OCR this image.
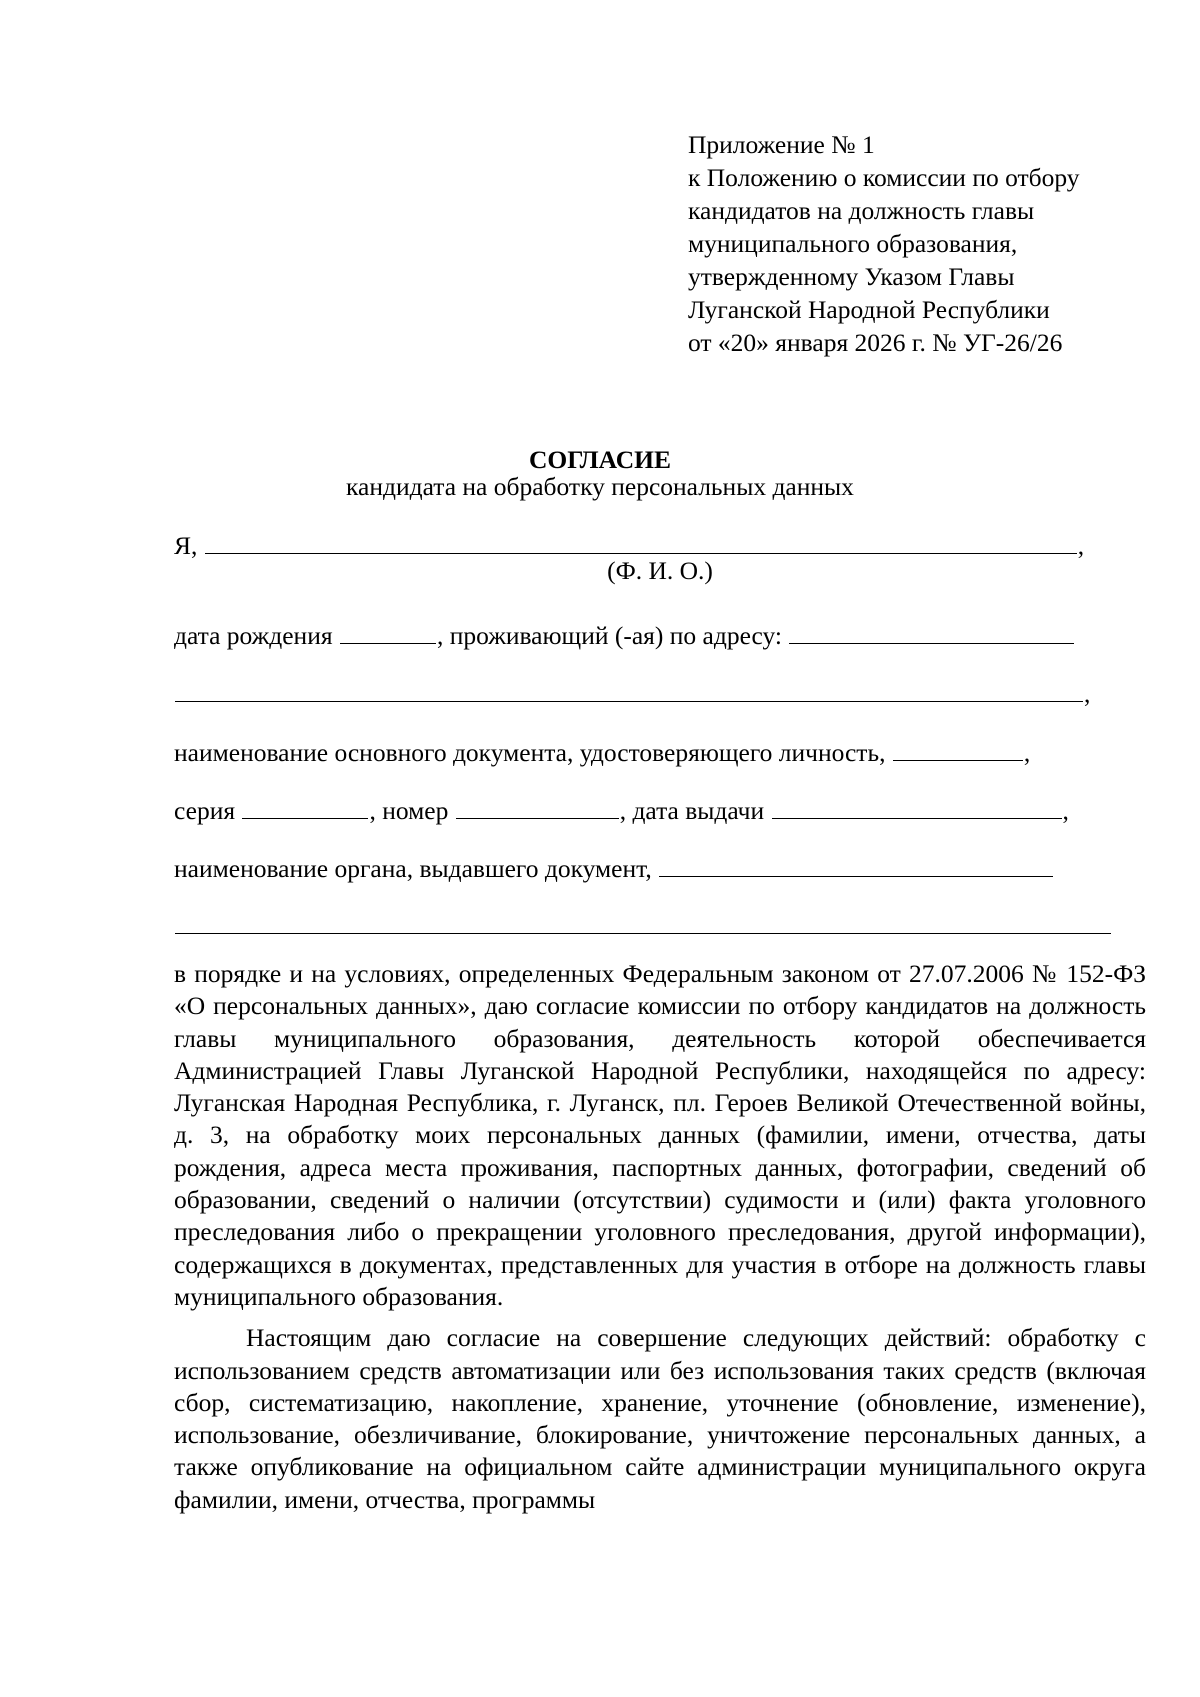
Приложение № 1
к Положению о комиссии по отбору
кандидатов на должность главы
муниципального образования,
утвержденному Указом Главы
Луганской Народной Республики
от «20» января 2026 г. № УГ-26/26
СОГЛАСИЕ
кандидата на обработку персональных данных
Я,	,
(Ф. И. О.)
дата рождения	, проживающий (-ая) по адресу:
,
наименование основного документа, удостоверяющего личность,	,
серия	, номер	, дата выдачи	,
наименование органа, выдавшего документ,

в порядке и на условиях, определенных Федеральным законом от 27.07.2006 № 152-ФЗ «О персональных данных», даю согласие комиссии по отбору кандидатов на должность главы муниципального образования, деятельность которой обеспечивается Администрацией Главы Луганской Народной Республики, находящейся по адресу: Луганская Народная Республика, г. Луганск, пл. Героев Великой Отечественной войны, д. 3, на обработку моих персональных данных (фамилии, имени, отчества, даты рождения, адреса места проживания, паспортных данных, фотографии, сведений об образовании, сведений о наличии (отсутствии) судимости и (или) факта уголовного преследования либо о прекращении уголовного преследования, другой информации), содержащихся в документах, представленных для участия в отборе на должность главы муниципального образования.

Настоящим даю согласие на совершение следующих действий: обработку с использованием средств автоматизации или без использования таких средств (включая сбор, систематизацию, накопление, хранение, уточнение (обновление, изменение), использование, обезличивание, блокирование, уничтожение персональных данных, а также опубликование на официальном сайте администрации муниципального округа фамилии, имени, отчества, программы
